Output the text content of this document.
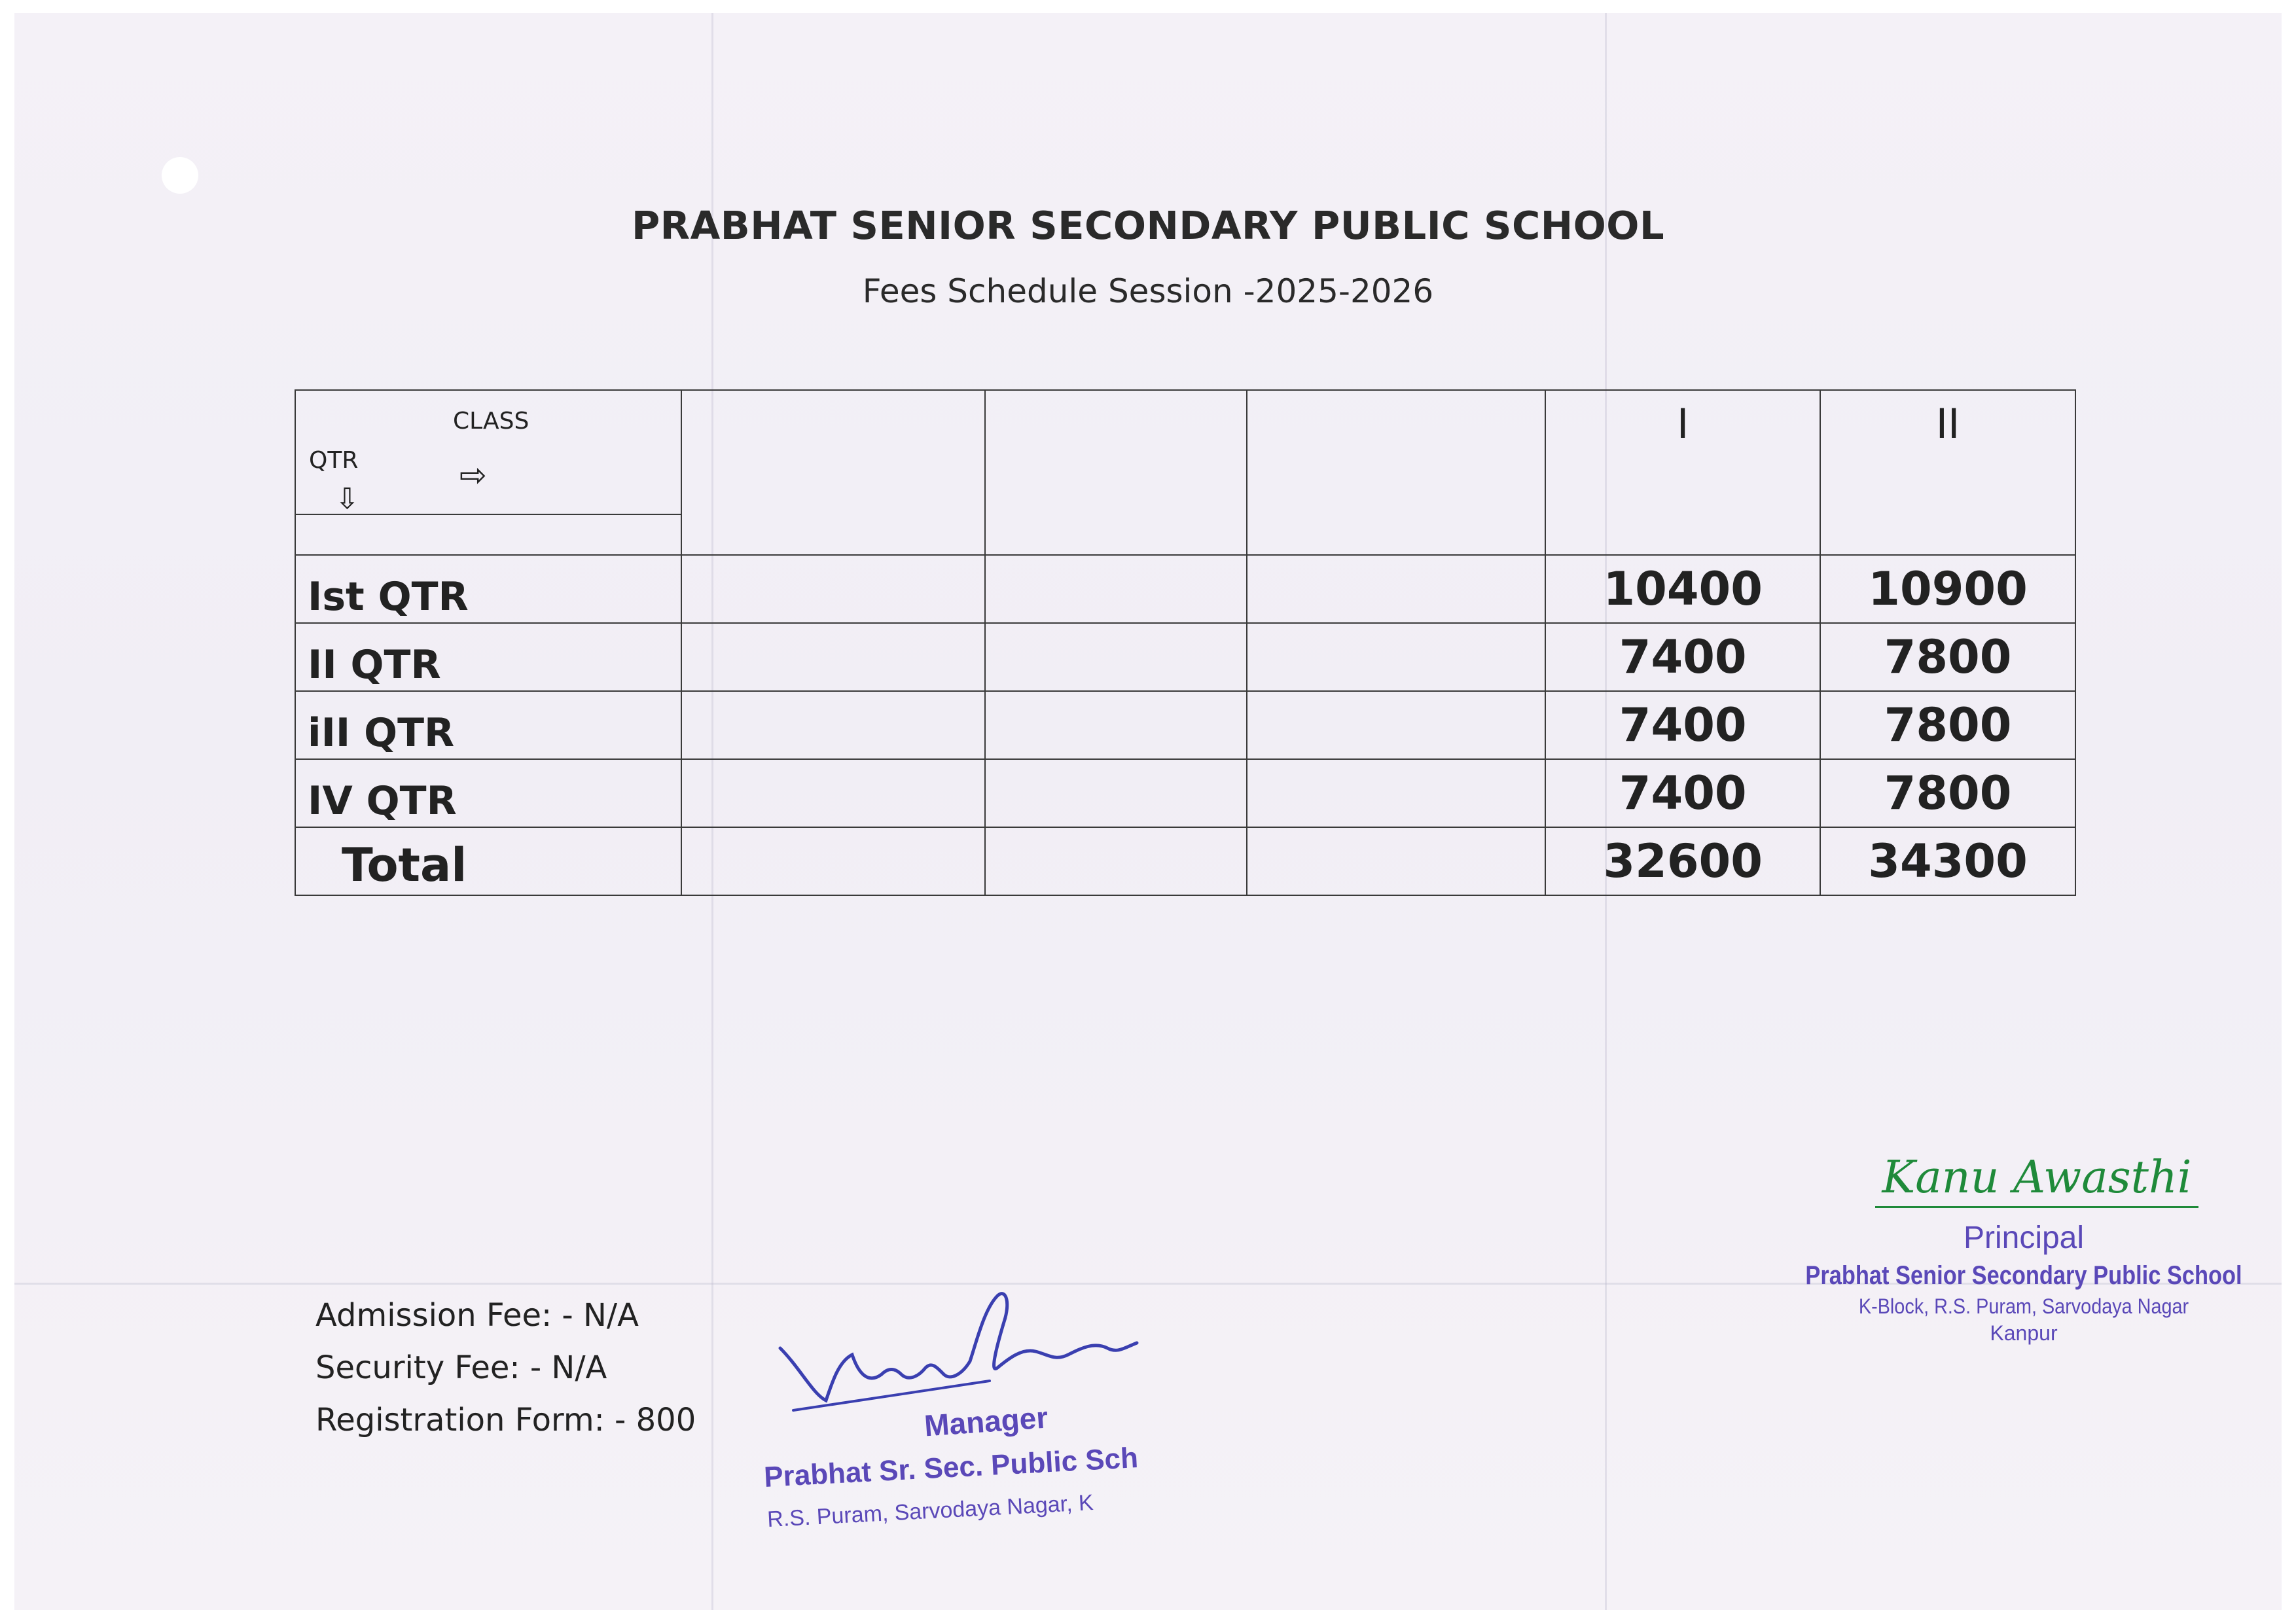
PRABHAT SENIOR SECONDARY PUBLIC SCHOOL
Fees Schedule Session -2025-2026
CLASS
QTR ⇨
⇩				I	II
Ist QTR				10400	10900
II QTR				7400	7800
iII QTR				7400	7800
IV QTR				7400	7800
Total				32600	34300
Admission Fee: - N/A
Security Fee: - N/A
Registration Form: - 800
Kanu Awasthi
Principal
Prabhat Senior Secondary Public School
K-Block, R.S. Puram, Sarvodaya Nagar
Kanpur
Manager
Prabhat Sr. Sec. Public Sch
R.S. Puram, Sarvodaya Nagar, K
